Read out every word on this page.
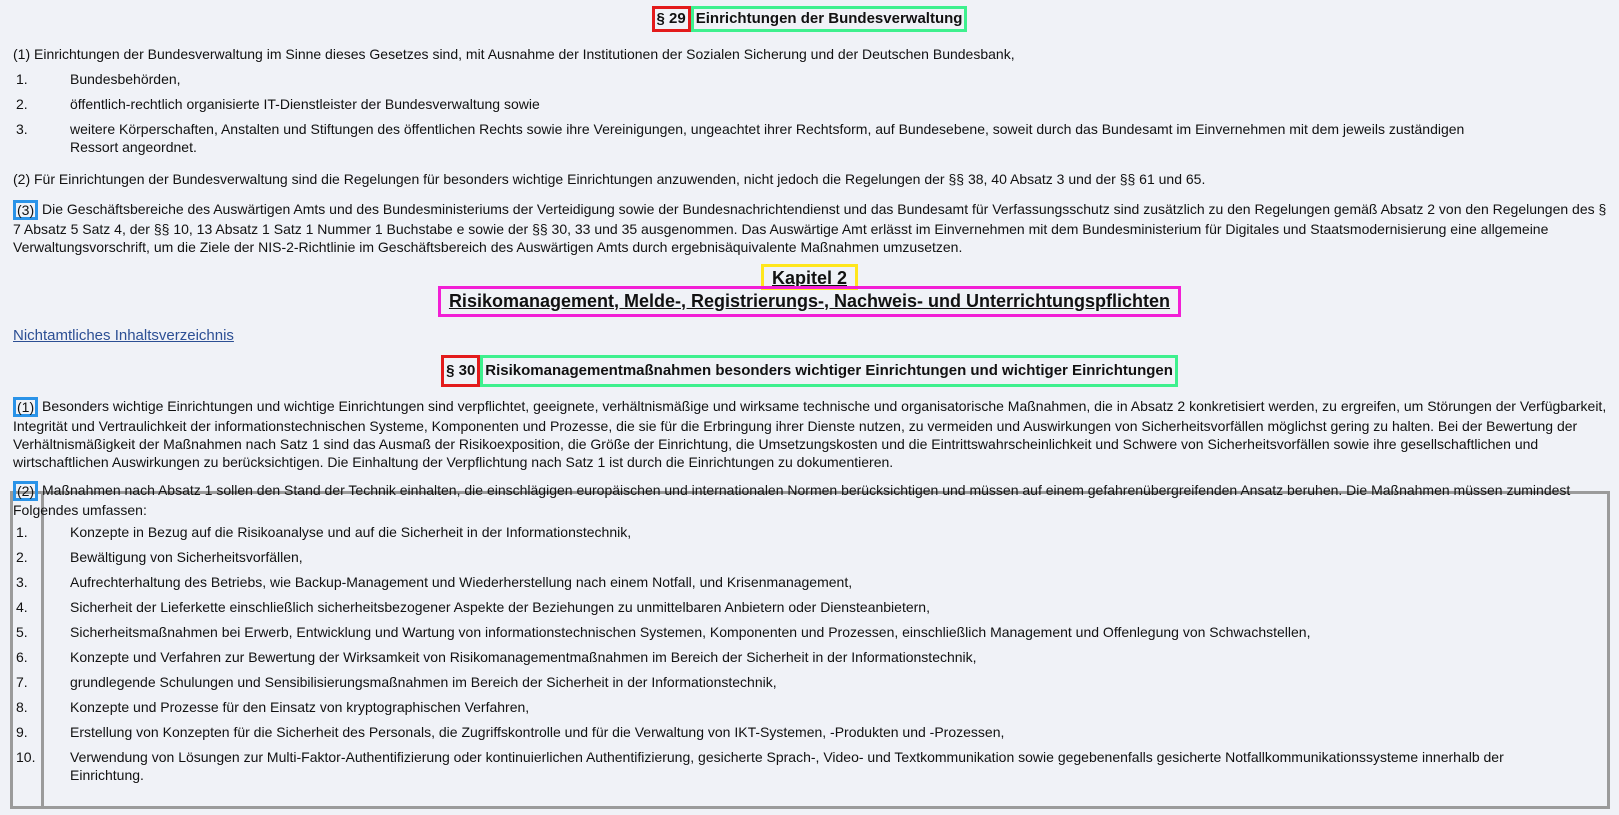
§ 29 Einrichtungen der Bundesverwaltung
(1) Einrichtungen der Bundesverwaltung im Sinne dieses Gesetzes sind, mit Ausnahme der Institutionen der Sozialen Sicherung und der Deutschen Bundesbank,
1.	Bundesbehörden,
2.	öffentlich-rechtlich organisierte IT-Dienstleister der Bundesverwaltung sowie
3.	weitere Körperschaften, Anstalten und Stiftungen des öffentlichen Rechts sowie ihre Vereinigungen, ungeachtet ihrer Rechtsform, auf Bundesebene, soweit durch das Bundesamt im Einvernehmen mit dem jeweils zuständigen Ressort angeordnet.
(2) Für Einrichtungen der Bundesverwaltung sind die Regelungen für besonders wichtige Einrichtungen anzuwenden, nicht jedoch die Regelungen der §§ 38, 40 Absatz 3 und der §§ 61 und 65.
(3) Die Geschäftsbereiche des Auswärtigen Amts und des Bundesministeriums der Verteidigung sowie der Bundesnachrichtendienst und das Bundesamt für Verfassungsschutz sind zusätzlich zu den Regelungen gemäß Absatz 2 von den Regelungen des § 7 Absatz 5 Satz 4, der §§ 10, 13 Absatz 1 Satz 1 Nummer 1 Buchstabe e sowie der §§ 30, 33 und 35 ausgenommen. Das Auswärtige Amt erlässt im Einvernehmen mit dem Bundesministerium für Digitales und Staatsmodernisierung eine allgemeine Verwaltungsvorschrift, um die Ziele der NIS-2-Richtlinie im Geschäftsbereich des Auswärtigen Amts durch ergebnisäquivalente Maßnahmen umzusetzen.
Kapitel 2
Risikomanagement, Melde-, Registrierungs-, Nachweis- und Unterrichtungspflichten
Nichtamtliches Inhaltsverzeichnis
§ 30 Risikomanagementmaßnahmen besonders wichtiger Einrichtungen und wichtiger Einrichtungen
(1) Besonders wichtige Einrichtungen und wichtige Einrichtungen sind verpflichtet, geeignete, verhältnismäßige und wirksame technische und organisatorische Maßnahmen, die in Absatz 2 konkretisiert werden, zu ergreifen, um Störungen der Verfügbarkeit, Integrität und Vertraulichkeit der informationstechnischen Systeme, Komponenten und Prozesse, die sie für die Erbringung ihrer Dienste nutzen, zu vermeiden und Auswirkungen von Sicherheitsvorfällen möglichst gering zu halten. Bei der Bewertung der Verhältnismäßigkeit der Maßnahmen nach Satz 1 sind das Ausmaß der Risikoexposition, die Größe der Einrichtung, die Umsetzungskosten und die Eintrittswahrscheinlichkeit und Schwere von Sicherheitsvorfällen sowie ihre gesellschaftlichen und wirtschaftlichen Auswirkungen zu berücksichtigen. Die Einhaltung der Verpflichtung nach Satz 1 ist durch die Einrichtungen zu dokumentieren.
(2) Maßnahmen nach Absatz 1 sollen den Stand der Technik einhalten, die einschlägigen europäischen und internationalen Normen berücksichtigen und müssen auf einem gefahrenübergreifenden Ansatz beruhen. Die Maßnahmen müssen zumindest Folgendes umfassen:
1.	Konzepte in Bezug auf die Risikoanalyse und auf die Sicherheit in der Informationstechnik,
2.	Bewältigung von Sicherheitsvorfällen,
3.	Aufrechterhaltung des Betriebs, wie Backup-Management und Wiederherstellung nach einem Notfall, und Krisenmanagement,
4.	Sicherheit der Lieferkette einschließlich sicherheitsbezogener Aspekte der Beziehungen zu unmittelbaren Anbietern oder Diensteanbietern,
5.	Sicherheitsmaßnahmen bei Erwerb, Entwicklung und Wartung von informationstechnischen Systemen, Komponenten und Prozessen, einschließlich Management und Offenlegung von Schwachstellen,
6.	Konzepte und Verfahren zur Bewertung der Wirksamkeit von Risikomanagementmaßnahmen im Bereich der Sicherheit in der Informationstechnik,
7.	grundlegende Schulungen und Sensibilisierungsmaßnahmen im Bereich der Sicherheit in der Informationstechnik,
8.	Konzepte und Prozesse für den Einsatz von kryptographischen Verfahren,
9.	Erstellung von Konzepten für die Sicherheit des Personals, die Zugriffskontrolle und für die Verwaltung von IKT-Systemen, -Produkten und -Prozessen,
10. Verwendung von Lösungen zur Multi-Faktor-Authentifizierung oder kontinuierlichen Authentifizierung, gesicherte Sprach-, Video- und Textkommunikation sowie gegebenenfalls gesicherte Notfallkommunikationssysteme innerhalb der Einrichtung.
